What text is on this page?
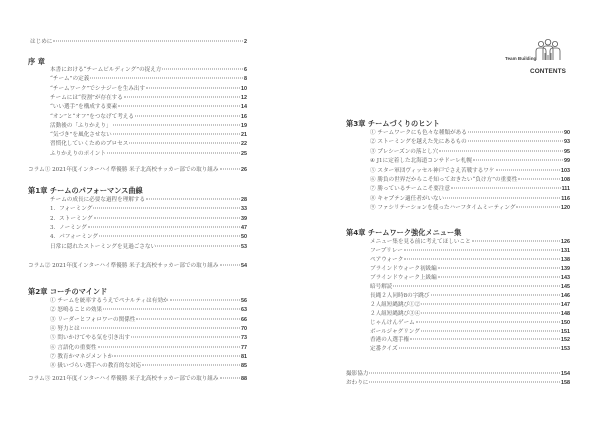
はじめに	2
序 章
本書における“チームビルディング”の捉え方	6
“チーム”の定義	8
“チームワーク”でシナジーを生み出す	10
チームには“役割”が存在する	12
“いい選手”を構成する要素	14
“オン”と“オフ”をつなげて考える	16
活動後の「ふりかえり」	19
“気づき”を風化させない	21
習慣化していくためのプロセス	22
ふりかえりのポイント	25
コラム① 2021年度インターハイ準優勝 米子北高校サッカー部での取り組み	26
チームの成長に必要な過程を理解する	28
1．フォーミング	33
2．ストーミング	39
3．ノーミング	47
4．パフォーミング	50
日常に隠れたストーミングを見過ごさない	53
コラム② 2021年度インターハイ準優勝 米子北高校サッカー部での取り組み	54
① チームを統率するうえでペナルティは有効か	56
② 怒鳴ることの効果	63
③ リーダーとフォロワーの関係性	66
④ 努力とは	70
⑤ 問いかけてやる気を引き出す	73
⑥ 言語化の重要性	77
⑦ 教育かマネジメントか	81
⑧ 扱いづらい選手への教育的な対応	85
コラム③ 2021年度インターハイ準優勝 米子北高校サッカー部での取り組み	88
第1章 チームのパフォーマンス曲線
第2章 コーチのマインド
Team Building
CONTENTS
第3章 チームづくりのヒント
第4章 チームワーク強化メニュー集
① チームワークにも色々な種類がある	90
② ストーミングを越えた先にあるもの	93
③ プレシーズンの落とし穴	95
④ J1に定着した北海道コンサドーレ札幌	99
⑤ スター軍団ヴィッセル神戸でさえ苦戦するワケ	103
⑥ 勝負の世界だからこそ知っておきたい“負け方”の重要性	108
⑦ 勝っているチームこそ要注意	111
⑧ キャプテン適任者がいない	116
⑨ ファシリテーションを使ったハーフタイムミーティング	120
メニュー集を見る前に考えてほしいこと	126
フープリレー	131
ペアウォーク	138
ブラインドウォーク初級編	139
ブラインドウォーク上級編	143
暗号解読	145
長縄２人同時8の字跳び	146
２人組短縄跳び①②	147
２人組短縄跳び③④	148
じゃんけんゲーム	150
ボールジャグリング	151
香港の人選手権	152
定番クイズ	153
撮影協力	154
おわりに	158
